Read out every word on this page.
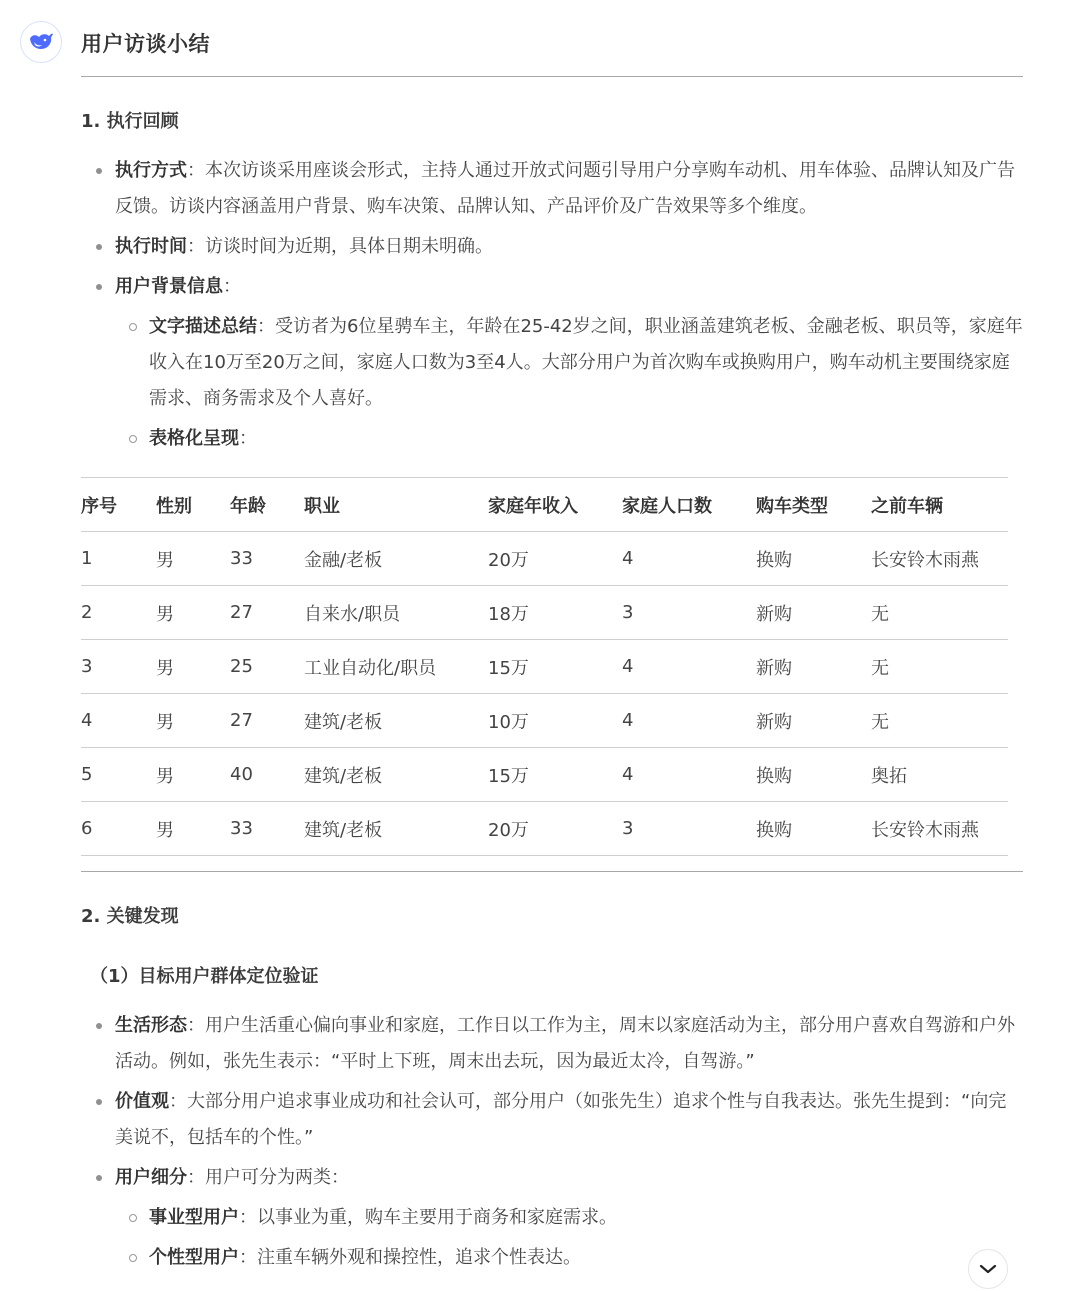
用户访谈小结
1. 执行回顾
执行方式：本次访谈采用座谈会形式，主持人通过开放式问题引导用户分享购车动机、用车体验、品牌认知及广告反馈。访谈内容涵盖用户背景、购车决策、品牌认知、产品评价及广告效果等多个维度。
执行时间：访谈时间为近期，具体日期未明确。
用户背景信息：
文字描述总结：受访者为6位星骋车主，年龄在25-42岁之间，职业涵盖建筑老板、金融老板、职员等，家庭年收入在10万至20万之间，家庭人口数为3至4人。大部分用户为首次购车或换购用户，购车动机主要围绕家庭需求、商务需求及个人喜好。
表格化呈现：
序号	性别	年龄	职业	家庭年收入	家庭人口数	购车类型	之前车辆
1	男	33	金融/老板	20万	4	换购	长安铃木雨燕
2	男	27	自来水/职员	18万	3	新购	无
3	男	25	工业自动化/职员	15万	4	新购	无
4	男	27	建筑/老板	10万	4	新购	无
5	男	40	建筑/老板	15万	4	换购	奥拓
6	男	33	建筑/老板	20万	3	换购	长安铃木雨燕
2. 关键发现
（1）目标用户群体定位验证
生活形态：用户生活重心偏向事业和家庭，工作日以工作为主，周末以家庭活动为主，部分用户喜欢自驾游和户外活动。例如，张先生表示：“平时上下班，周末出去玩，因为最近太冷，自驾游。”
价值观：大部分用户追求事业成功和社会认可，部分用户（如张先生）追求个性与自我表达。张先生提到：“向完美说不，包括车的个性。”
用户细分：用户可分为两类：
事业型用户：以事业为重，购车主要用于商务和家庭需求。
个性型用户：注重车辆外观和操控性，追求个性表达。
